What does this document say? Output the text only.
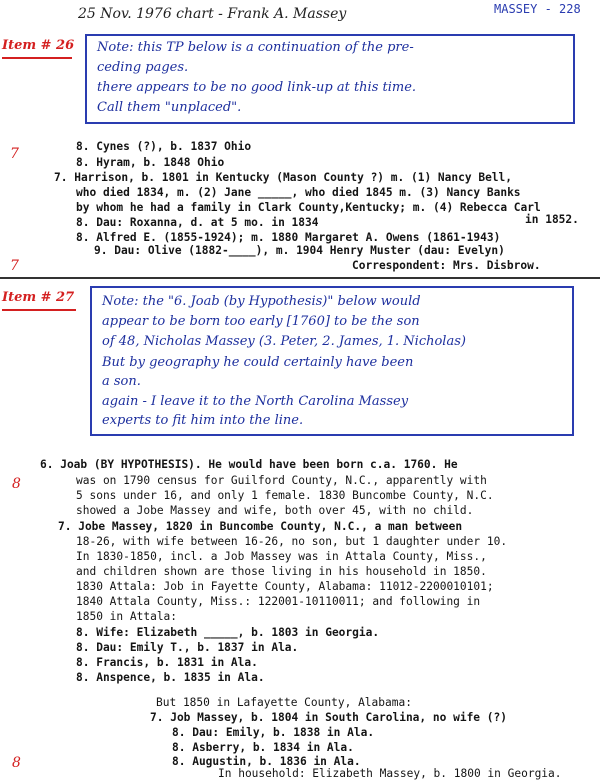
25 Nov. 1976 chart - Frank A. Massey	MASSEY - 228
Item # 26 Note: this TP below is a continuation of the pre-
ceding pages.
there appears to be no good link-up at this time.
Call them "unplaced".
7	8. Cynes (?), b. 1837 Ohio
8. Hyram, b. 1848 Ohio
7. Harrison, b. 1801 in Kentucky (Mason County ?) m. (1) Nancy Bell,
who died 1834, m. (2) Jane _____, who died 1845 m. (3) Nancy Banks
by whom he had a family in Clark County,Kentucky; m. (4) Rebecca Carl
in 1852.
8. Dau: Roxanna, d. at 5 mo. in 1834
8. Alfred E. (1855-1924); m. 1880 Margaret A. Owens (1861-1943)
9. Dau: Olive (1882-____), m. 1904 Henry Muster (dau: Evelyn)
Correspondent: Mrs. Disbrow.
7
Item # 27 Note: the "6. Joab (by Hypothesis)" below would
appear to be born too early [1760] to be the son
of 48, Nicholas Massey (3. Peter, 2. James, 1. Nicholas)
But by geography he could certainly have been
a son.
again - I leave it to the North Carolina Massey
experts to fit him into the line.
8
6. Joab (BY HYPOTHESIS). He would have been born c.a. 1760. He
was on 1790 census for Guilford County, N.C., apparently with
5 sons under 16, and only 1 female. 1830 Buncombe County, N.C.
showed a Jobe Massey and wife, both over 45, with no child.
7. Jobe Massey, 1820 in Buncombe County, N.C., a man between
18-26, with wife between 16-26, no son, but 1 daughter under 10.
In 1830-1850, incl. a Job Massey was in Attala County, Miss.,
and children shown are those living in his household in 1850.
1830 Attala: Job in Fayette County, Alabama: 11012-2200010101;
1840 Attala County, Miss.: 122001-10110011; and following in
1850 in Attala:
8. Wife: Elizabeth _____, b. 1803 in Georgia.
8. Dau: Emily T., b. 1837 in Ala.
8. Francis, b. 1831 in Ala.
8. Anspence, b. 1835 in Ala.
But 1850 in Lafayette County, Alabama:
7. Job Massey, b. 1804 in South Carolina, no wife (?)
8. Dau: Emily, b. 1838 in Ala.
8. Asberry, b. 1834 in Ala.
8. Augustin, b. 1836 in Ala.
8
In household: Elizabeth Massey, b. 1800 in Georgia.
